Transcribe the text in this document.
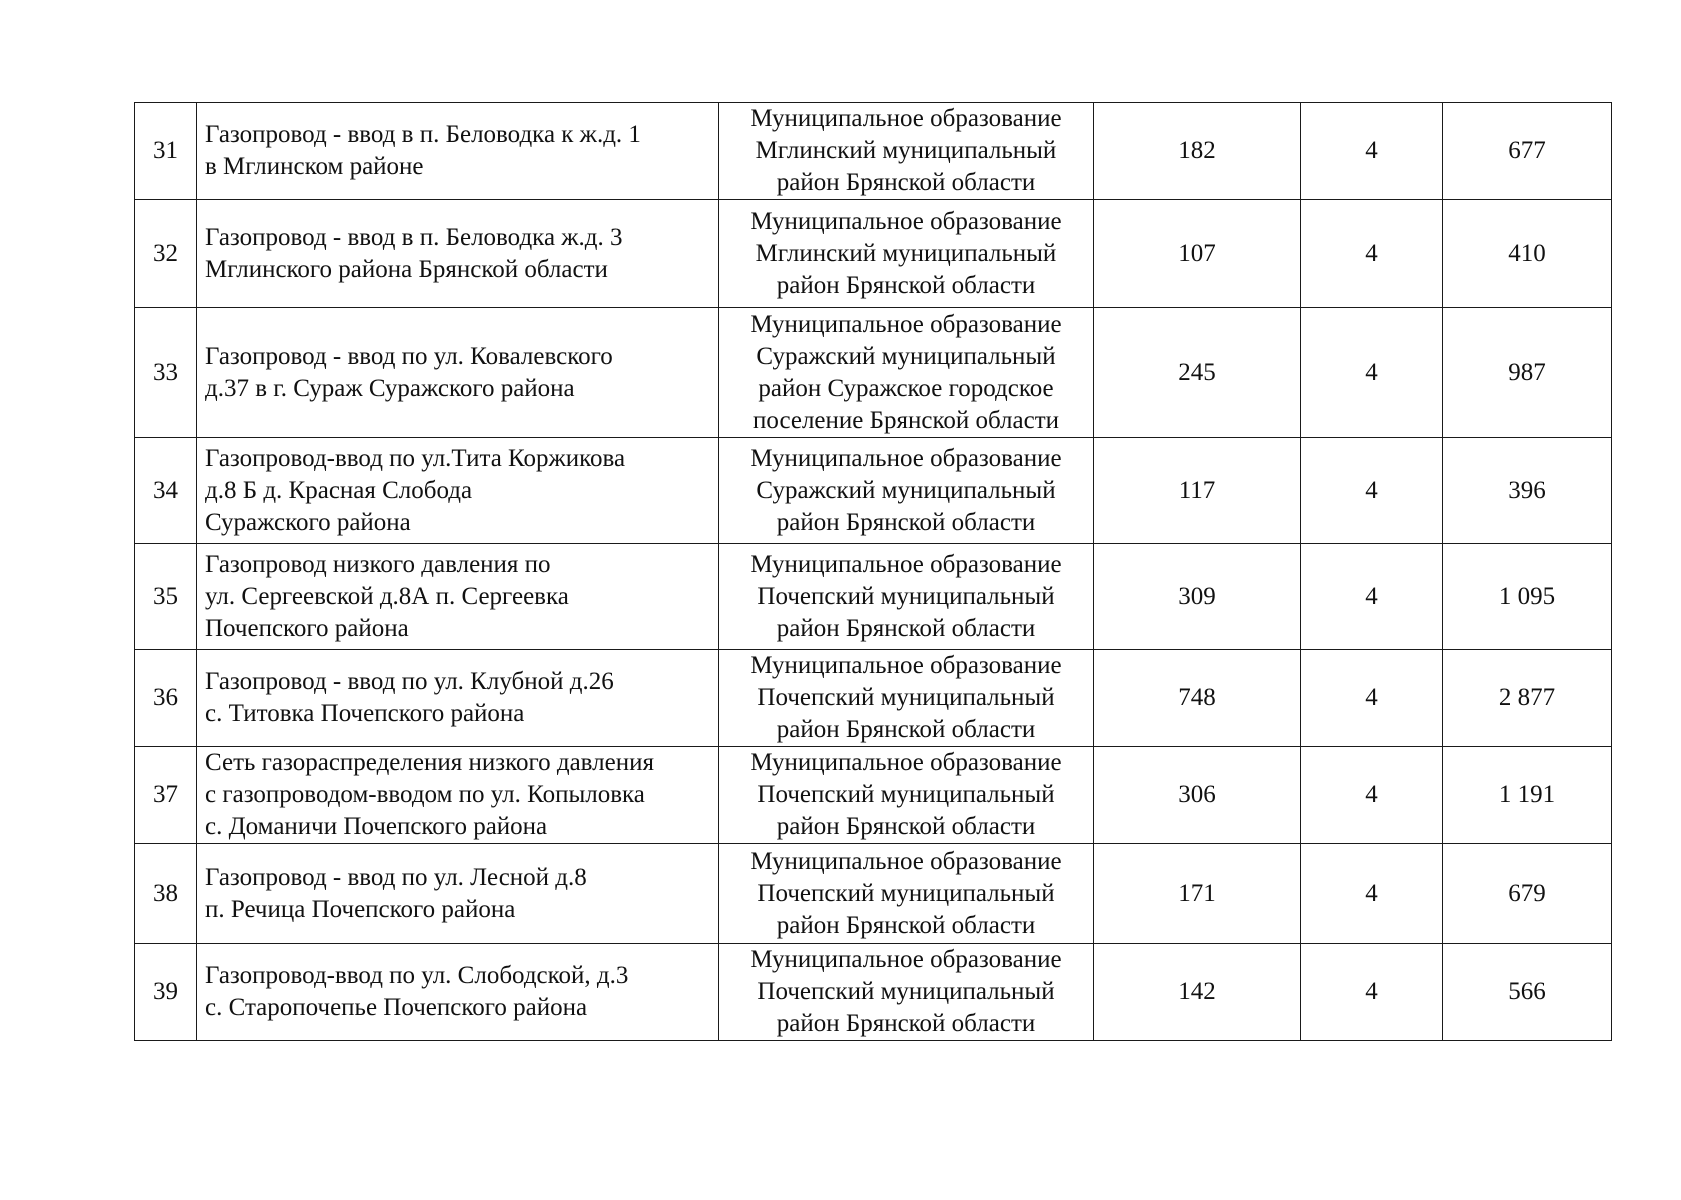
31	Газопровод - ввод в п. Беловодка к ж.д. 1
в Мглинском районе	Муниципальное образование
Мглинский муниципальный
район Брянской области	182	4	677

32	Газопровод - ввод в п. Беловодка ж.д. 3
Мглинского района Брянской области	Муниципальное образование
Мглинский муниципальный
район Брянской области	107	4	410

33	Газопровод - ввод по ул. Ковалевского
д.37 в г. Сураж Суражского района	Муниципальное образование
Суражский муниципальный
район Суражское городское
поселение Брянской области	245	4	987

34	Газопровод-ввод по ул.Тита Коржикова
д.8 Б д. Красная Слобода
Суражского района	Муниципальное образование
Суражский муниципальный
район Брянской области	117	4	396

35	Газопровод низкого давления по
ул. Сергеевской д.8А п. Сергеевка
Почепского района	Муниципальное образование
Почепский муниципальный
район Брянской области	309	4	1 095

36	Газопровод - ввод по ул. Клубной д.26
с. Титовка Почепского района	Муниципальное образование
Почепский муниципальный
район Брянской области	748	4	2 877

37	Сеть газораспределения низкого давления
с газопроводом-вводом по ул. Копыловка
с. Доманичи Почепского района	Муниципальное образование
Почепский муниципальный
район Брянской области	306	4	1 191

38	Газопровод - ввод по ул. Лесной д.8
п. Речица Почепского района	Муниципальное образование
Почепский муниципальный
район Брянской области	171	4	679

39	Газопровод-ввод по ул. Слободской, д.3
с. Старопочепье Почепского района	Муниципальное образование
Почепский муниципальный
район Брянской области	142	4	566
